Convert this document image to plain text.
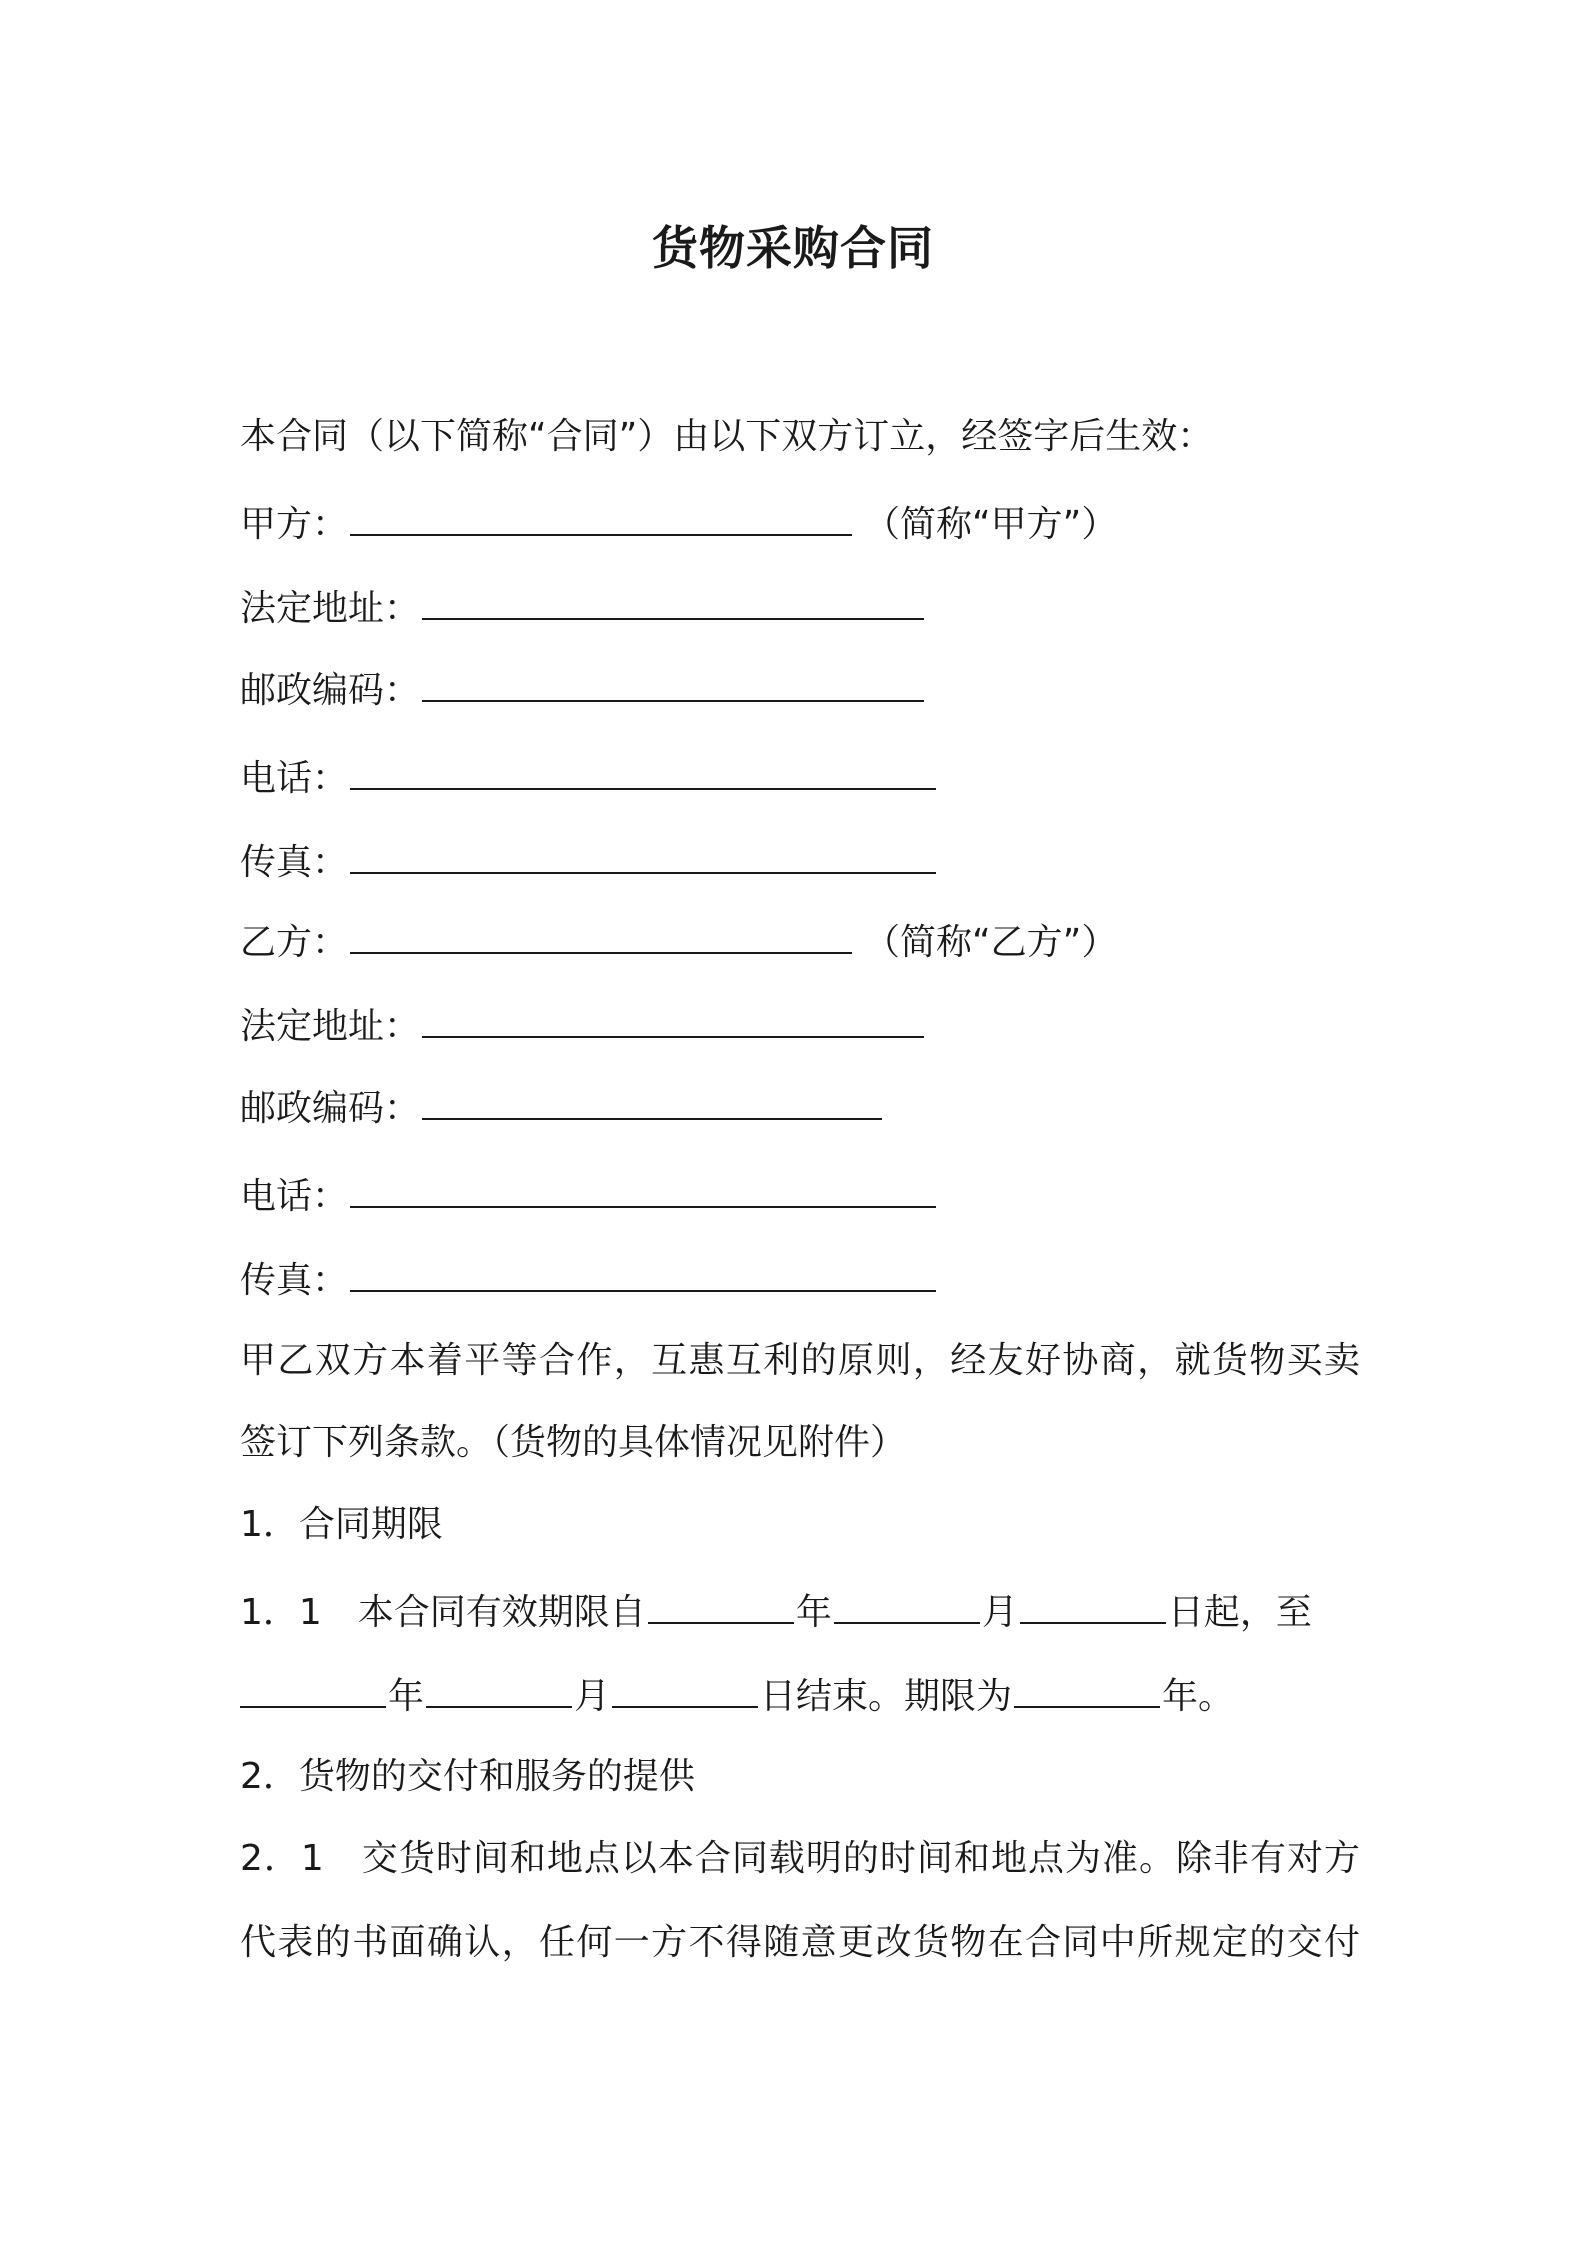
货物采购合同
本合同（以下简称“合同”）由以下双方订立，经签字后生效：
甲方：	（简称“甲方”）
法定地址：
邮政编码：
电话：
传真：
乙方：	（简称“乙方”）
法定地址：
邮政编码：
电话：
传真：
甲乙双方本着平等合作，互惠互利的原则，经友好协商，就货物买卖
签订下列条款。（货物的具体情况见附件）
1．合同期限
1．1　本合同有效期限自	年	月	日起，至
年	月	日结束。期限为	年。
2．货物的交付和服务的提供
2．1　交货时间和地点以本合同载明的时间和地点为准。除非有对方
代表的书面确认，任何一方不得随意更改货物在合同中所规定的交付
